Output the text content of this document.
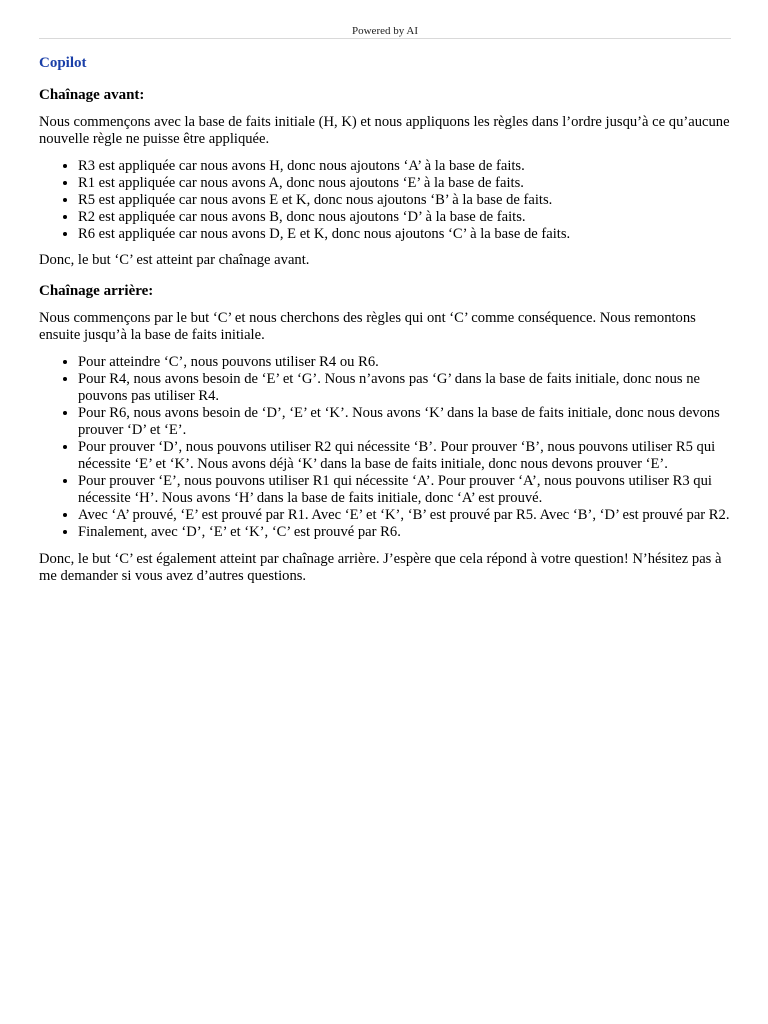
Powered by AI
Copilot
Chaînage avant:

Nous commençons avec la base de faits initiale (H, K) et nous appliquons les règles dans l’ordre jusqu’à ce qu’aucune nouvelle règle ne puisse être appliquée.

• R3 est appliquée car nous avons H, donc nous ajoutons ‘A’ à la base de faits.
• R1 est appliquée car nous avons A, donc nous ajoutons ‘E’ à la base de faits.
• R5 est appliquée car nous avons E et K, donc nous ajoutons ‘B’ à la base de faits.
• R2 est appliquée car nous avons B, donc nous ajoutons ‘D’ à la base de faits.
• R6 est appliquée car nous avons D, E et K, donc nous ajoutons ‘C’ à la base de faits.

Donc, le but ‘C’ est atteint par chaînage avant.

Chaînage arrière:

Nous commençons par le but ‘C’ et nous cherchons des règles qui ont ‘C’ comme conséquence. Nous remontons ensuite jusqu’à la base de faits initiale.

• Pour atteindre ‘C’, nous pouvons utiliser R4 ou R6.
• Pour R4, nous avons besoin de ‘E’ et ‘G’. Nous n’avons pas ‘G’ dans la base de faits initiale, donc nous ne pouvons pas utiliser R4.
• Pour R6, nous avons besoin de ‘D’, ‘E’ et ‘K’. Nous avons ‘K’ dans la base de faits initiale, donc nous devons prouver ‘D’ et ‘E’.
• Pour prouver ‘D’, nous pouvons utiliser R2 qui nécessite ‘B’. Pour prouver ‘B’, nous pouvons utiliser R5 qui nécessite ‘E’ et ‘K’. Nous avons déjà ‘K’ dans la base de faits initiale, donc nous devons prouver ‘E’.
• Pour prouver ‘E’, nous pouvons utiliser R1 qui nécessite ‘A’. Pour prouver ‘A’, nous pouvons utiliser R3 qui nécessite ‘H’. Nous avons ‘H’ dans la base de faits initiale, donc ‘A’ est prouvé.
• Avec ‘A’ prouvé, ‘E’ est prouvé par R1. Avec ‘E’ et ‘K’, ‘B’ est prouvé par R5. Avec ‘B’, ‘D’ est prouvé par R2.
• Finalement, avec ‘D’, ‘E’ et ‘K’, ‘C’ est prouvé par R6.

Donc, le but ‘C’ est également atteint par chaînage arrière. J’espère que cela répond à votre question! N’hésitez pas à me demander si vous avez d’autres questions.
